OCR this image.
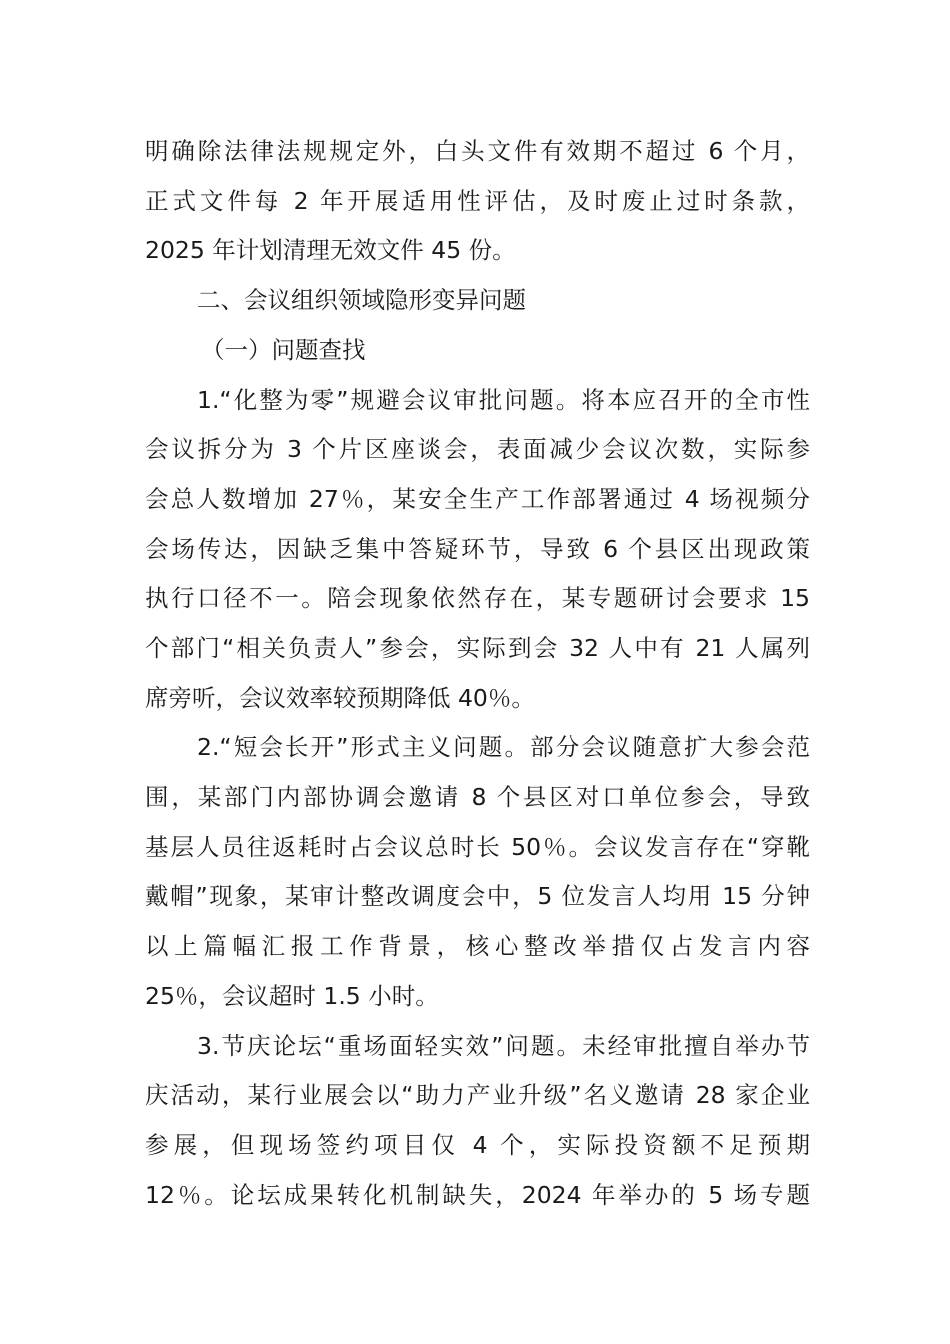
明确除法律法规规定外，白头文件有效期不超过 6 个月，
正式文件每 2 年开展适用性评估，及时废止过时条款，
2025 年计划清理无效文件 45 份。
二、会议组织领域隐形变异问题
（一）问题查找
1.“化整为零”规避会议审批问题。将本应召开的全市性
会议拆分为 3 个片区座谈会，表面减少会议次数，实际参
会总人数增加 27％，某安全生产工作部署通过 4 场视频分
会场传达，因缺乏集中答疑环节，导致 6 个县区出现政策
执行口径不一。陪会现象依然存在，某专题研讨会要求 15
个部门“相关负责人”参会，实际到会 32 人中有 21 人属列
席旁听，会议效率较预期降低 40％。
2.“短会长开”形式主义问题。部分会议随意扩大参会范
围，某部门内部协调会邀请 8 个县区对口单位参会，导致
基层人员往返耗时占会议总时长 50％。会议发言存在“穿靴
戴帽”现象，某审计整改调度会中，5 位发言人均用 15 分钟
以上篇幅汇报工作背景，核心整改举措仅占发言内容
25％，会议超时 1.5 小时。
3.节庆论坛“重场面轻实效”问题。未经审批擅自举办节
庆活动，某行业展会以“助力产业升级”名义邀请 28 家企业
参展，但现场签约项目仅 4 个，实际投资额不足预期
12％。论坛成果转化机制缺失，2024 年举办的 5 场专题
